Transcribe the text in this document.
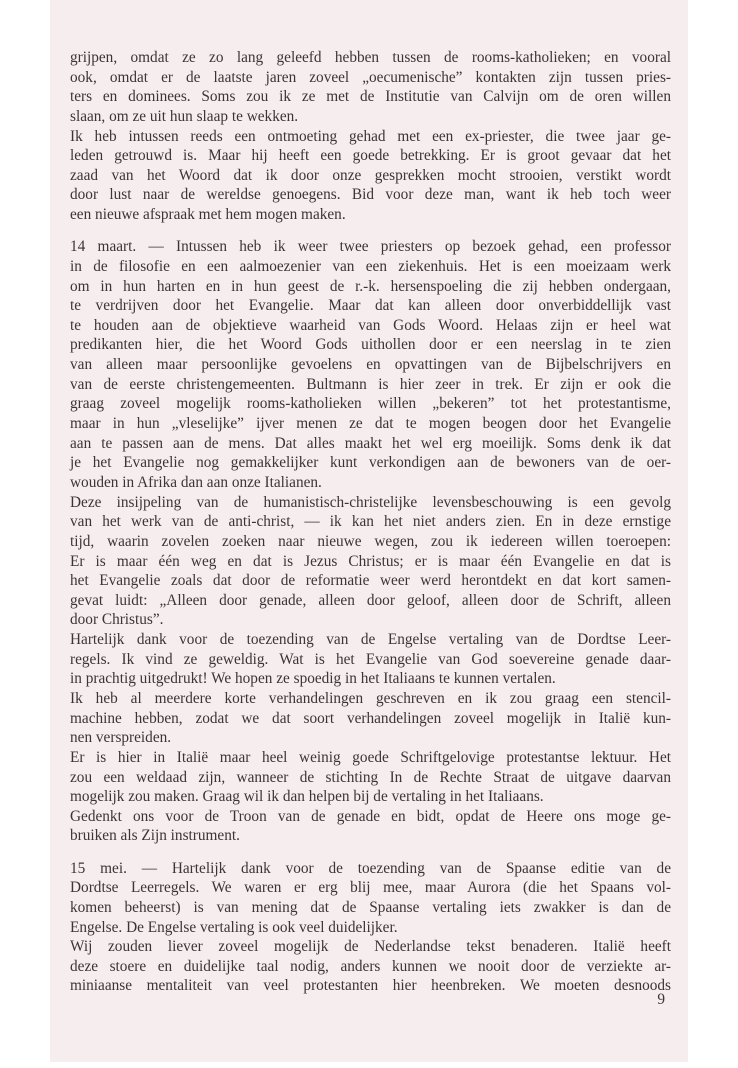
grijpen, omdat ze zo lang geleefd hebben tussen de rooms-katholieken; en vooral
ook, omdat er de laatste jaren zoveel „oecumenische” kontakten zijn tussen pries-
ters en dominees. Soms zou ik ze met de Institutie van Calvijn om de oren willen
slaan, om ze uit hun slaap te wekken.
Ik heb intussen reeds een ontmoeting gehad met een ex-priester, die twee jaar ge-
leden getrouwd is. Maar hij heeft een goede betrekking. Er is groot gevaar dat het
zaad van het Woord dat ik door onze gesprekken mocht strooien, verstikt wordt
door lust naar de wereldse genoegens. Bid voor deze man, want ik heb toch weer
een nieuwe afspraak met hem mogen maken.
14 maart. — Intussen heb ik weer twee priesters op bezoek gehad, een professor
in de filosofie en een aalmoezenier van een ziekenhuis. Het is een moeizaam werk
om in hun harten en in hun geest de r.-k. hersenspoeling die zij hebben ondergaan,
te verdrijven door het Evangelie. Maar dat kan alleen door onverbiddellijk vast
te houden aan de objektieve waarheid van Gods Woord. Helaas zijn er heel wat
predikanten hier, die het Woord Gods uithollen door er een neerslag in te zien
van alleen maar persoonlijke gevoelens en opvattingen van de Bijbelschrijvers en
van de eerste christengemeenten. Bultmann is hier zeer in trek. Er zijn er ook die
graag zoveel mogelijk rooms-katholieken willen „bekeren” tot het protestantisme,
maar in hun „vleselijke” ijver menen ze dat te mogen beogen door het Evangelie
aan te passen aan de mens. Dat alles maakt het wel erg moeilijk. Soms denk ik dat
je het Evangelie nog gemakkelijker kunt verkondigen aan de bewoners van de oer-
wouden in Afrika dan aan onze Italianen.
Deze insijpeling van de humanistisch-christelijke levensbeschouwing is een gevolg
van het werk van de anti-christ, — ik kan het niet anders zien. En in deze ernstige
tijd, waarin zovelen zoeken naar nieuwe wegen, zou ik iedereen willen toeroepen:
Er is maar één weg en dat is Jezus Christus; er is maar één Evangelie en dat is
het Evangelie zoals dat door de reformatie weer werd herontdekt en dat kort samen-
gevat luidt: „Alleen door genade, alleen door geloof, alleen door de Schrift, alleen
door Christus”.
Hartelijk dank voor de toezending van de Engelse vertaling van de Dordtse Leer-
regels. Ik vind ze geweldig. Wat is het Evangelie van God soevereine genade daar-
in prachtig uitgedrukt! We hopen ze spoedig in het Italiaans te kunnen vertalen.
Ik heb al meerdere korte verhandelingen geschreven en ik zou graag een stencil-
machine hebben, zodat we dat soort verhandelingen zoveel mogelijk in Italië kun-
nen verspreiden.
Er is hier in Italië maar heel weinig goede Schriftgelovige protestantse lektuur. Het
zou een weldaad zijn, wanneer de stichting In de Rechte Straat de uitgave daarvan
mogelijk zou maken. Graag wil ik dan helpen bij de vertaling in het Italiaans.
Gedenkt ons voor de Troon van de genade en bidt, opdat de Heere ons moge ge-
bruiken als Zijn instrument.
15 mei. — Hartelijk dank voor de toezending van de Spaanse editie van de
Dordtse Leerregels. We waren er erg blij mee, maar Aurora (die het Spaans vol-
komen beheerst) is van mening dat de Spaanse vertaling iets zwakker is dan de
Engelse. De Engelse vertaling is ook veel duidelijker.
Wij zouden liever zoveel mogelijk de Nederlandse tekst benaderen. Italië heeft
deze stoere en duidelijke taal nodig, anders kunnen we nooit door de verziekte ar-
miniaanse mentaliteit van veel protestanten hier heenbreken. We moeten desnoods
9
